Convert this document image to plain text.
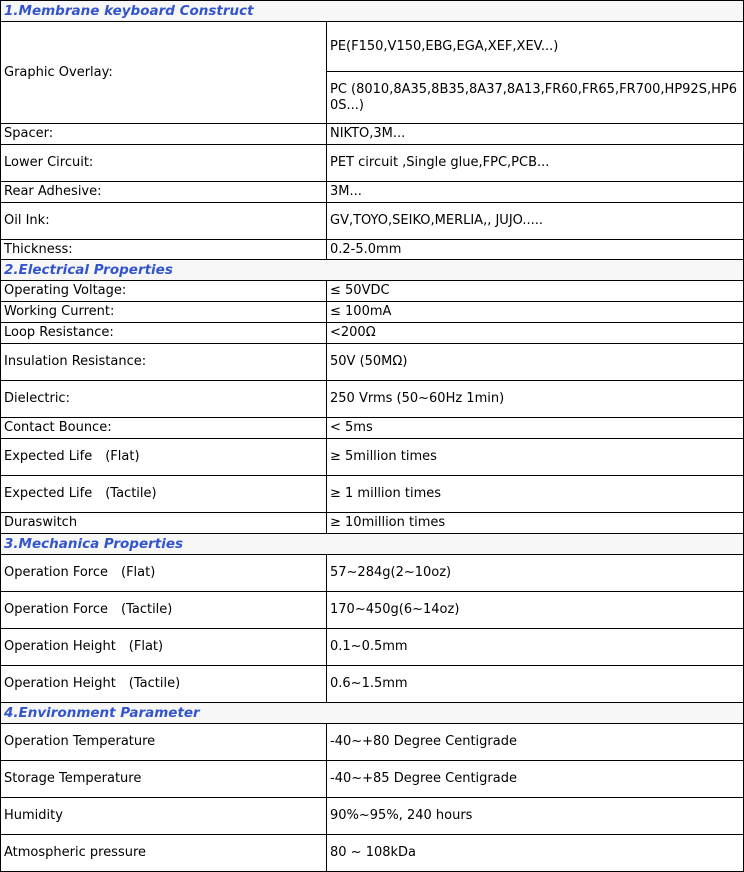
1.Membrane keyboard Construct	
Graphic Overlay:	PE(F150,V150,EBG,EGA,XEF,XEV...)
	PC (8010,8A35,8B35,8A37,8A13,FR60,FR65,FR700,HP92S,HP60S...)
Spacer:	NIKTO,3M...
Lower Circuit:	PET circuit ,Single glue,FPC,PCB...
Rear Adhesive:	3M...
Oil Ink:	GV,TOYO,SEIKO,MERLIA,, JUJO.....
Thickness:	0.2-5.0mm
2.Electrical Properties	
Operating Voltage:	≤ 50VDC
Working Current:	≤ 100mA
Loop Resistance:	<200Ω
Insulation Resistance:	50V (50MΩ)
Dielectric:	250 Vrms (50~60Hz 1min)
Contact Bounce:	< 5ms
Expected Life　(Flat)	≥ 5million times
Expected Life　(Tactile)	≥ 1 million times
Duraswitch	≥ 10million times
3.Mechanica Properties	
Operation Force　(Flat)	57~284g(2~10oz)
Operation Force　(Tactile)	170~450g(6~14oz)
Operation Height　(Flat)	0.1~0.5mm
Operation Height　(Tactile)	0.6~1.5mm
4.Environment Parameter	
Operation Temperature	-40~+80 Degree Centigrade
Storage Temperature	-40~+85 Degree Centigrade
Humidity	90%~95%, 240 hours
Atmospheric pressure	80 ~ 108kDa
